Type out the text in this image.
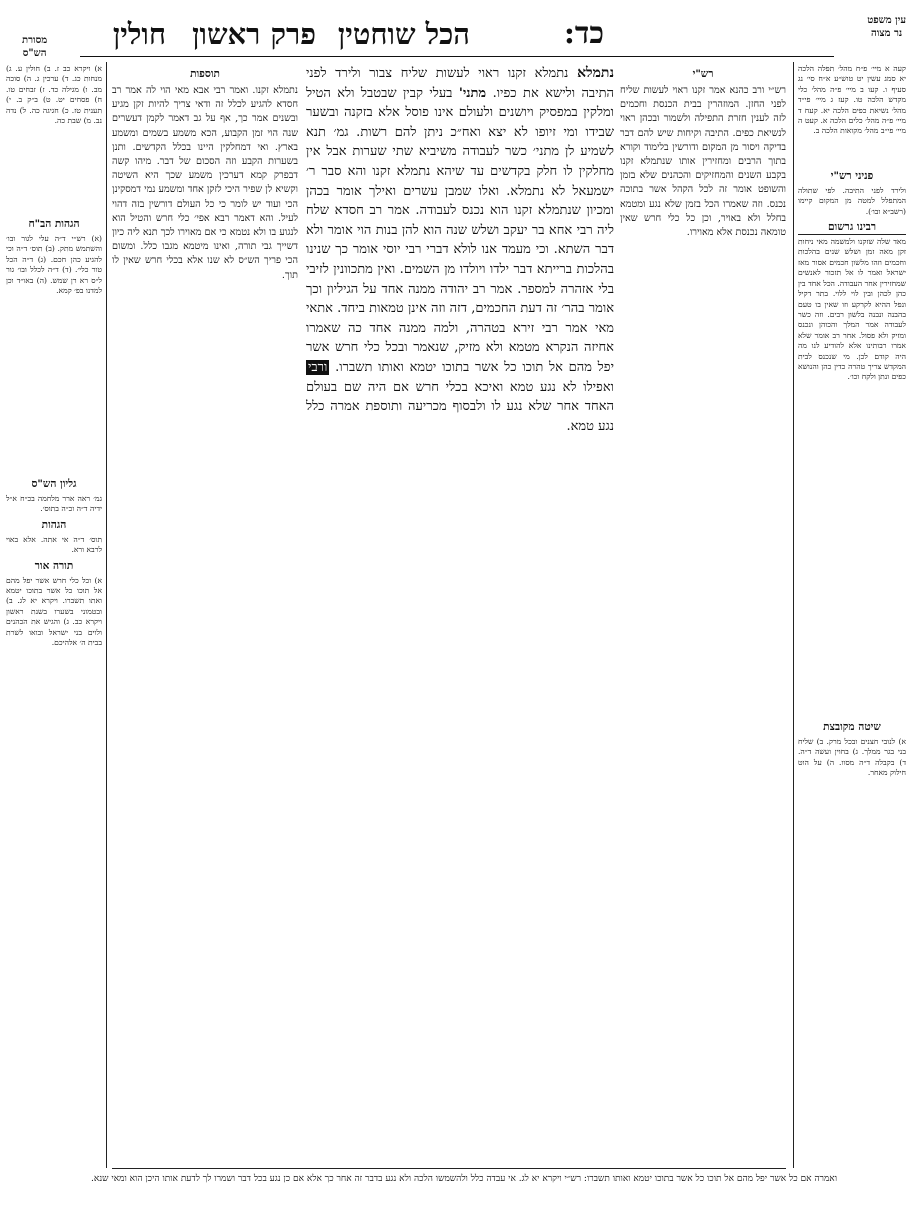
כד:
הכל שוחטין
פרק ראשון
חולין	עין משפט
נר מצוה
מסורת
הש"ס
קעה א מיי׳ פ״ח מהל׳ תפלה הלכה יא סמג עשין יט טוש״ע א״ח סי׳ נג סעיף ו. קעו ב מיי׳ פ״ה מהל׳ כלי מקדש הלכה טו. קעז ג מיי׳ פי״ד מהל׳ נשיאת כפים הלכה יא. קעח ד מיי׳ פ״ה מהל׳ כלים הלכה א. קעט ה מיי׳ פי״ב מהל׳ מקואות הלכה ב.
פניני רש"י
ולירד לפני התיבה. לפי שתולה המתפלל למטה מן המקום קיימו (רשב״א ובו׳).
רבינו גרשום
מאד שלה שזקנו ולמשמה מאי ניחות זקן מאה זמן ושלש שנים בהלכות וחכמים וזהו מלשון חכמים אסור מאז ישראל ואמר לו אל תזכור לאנשים שמחזירין אחר העבודה. הכל אחד בין כהן לכהן ובין לוי ללוי. בתר דקיל ונפל ההיא לקרקע וזו שאין בו טעם בהבנה ונבנה בלשון רבים. וזה כשר לעבודה אמר המלך והכוהן ונכנס ומזיק ולא פסול. אחר רב אומר שלא אמרו רבותינו אלא להודיע לנו מה היה קודם לכן. מי שנכנס לבית המקדש צריך טהרה כדין כהן והנושא כפים ונתן ולקח וכו׳.
שיטה מקובצת
א) לנובי חצנים ובכל מרק. ב) שליח בני בגר ממלך. ג) בחוין ועשה ד״ה. ד) בקבלה ד״ה מסוו. ה) על הוט חילוק מאחר.
א) ויקרא כב ז. ב) חולין ע. ג) מנחות כג. ד) ערכין ג. ה) סוכה מב. ו) מגילה כד. ז) זבחים טו. ח) פסחים יט. ט) ב״ק ב. י) תענית טז. כ) חגיגה כה. ל) נדה נב. מ) שבת כה.
הגהות הב"ח
(א) רש״י ד״ה עלי לגור ובו׳ והשתמש מתק. (ב) תוס׳ ד״ה וכי להגיע כהן חכם. (ג) ד״ה הכל טור כלי׳. (ד) ד״ה לכלל ובו׳ גור ל״ס רא רן שמש. (ה) באו״ד וכן למדנו בפ׳ קמא.
גליון הש"ס
גמ׳ ראה ארר מלחמה בכ״ח א״ל ידיה ד״ה וכ״ה בתוס׳.
הגהות
תוס׳ ד״ה אי אתה. אלא באוי לרבא ורא.
תורה אור
א) וכל כלי חרש אשר יפל מהם אל תוכו כל אשר בתוכו יטמא ואתו תשברו. ויקרא יא לג. ב) ובטמוני בשערו בשנת ראשון ויקרא כב. ג) והגיש את הכהנים ולוים בני ישראל ובואו לשרת בבית ה׳ אלהיכם.
רש"י
רש״י ורב כהנא אמר זקנו ראוי לעשות שליח לפני החזן. המוזהרין בבית הכנסת וחכמים לזה לענין חזרת התפילה ולשמור ובכהן ראוי לנשיאת כפים. התיבה וקיחות שיש להם דבר בדיקה ויסור מן המקום ודורשין בלימוד וקורא בתוך הרבים ומחזירין אותו שנתמלא זקנו בקבע השנים והמחזיקים והכהנים שלא בזמן והשופט אומר זה לכל הקהל אשר בתוכה נכנס. וזה שאמרו הכל בזמן שלא נגע ומטמא בחלל ולא באויר, וכן כל כלי חרש שאין טומאה נכנסת אלא מאוירו.
תוספות
נתמלא זקנו. ואמר רבי אבא מאי הוי לה אמר רב חסדא להגיע לכלל זה ודאי צריך להיות זקן מגיע ובשנים אמר כך, אף על גב דאמר לקמן דעשרים שנה הוי זמן הקבוע, הכא משמע בשמים ומשמע בארץ. ואי דמחלקין היינו בכלל הקדשים. ותנן בשערות הקבע וזה הסכום של דבר. מיהו קשה דבפרק קמא דערכין משמע שכך היא השיטה וקשיא לן שפיר היכי לזקן אחד ומשמע נמי דמסקינן הכי ועוד יש לומר כי כל העולם דורשין בזה דהוי לעיל. והא דאמר רבא אפי׳ כלי חרש והטיל הוא לנגוע בו ולא נטמא כי אם מאוירו לכך תנא ליה כיון דשייך גבי תורה, ואינו מיטמא מגבו כלל. ומשום הכי פריך הש״ס לא שנו אלא בכלי חרש שאין לו תוך.
נתמלא נתמלא זקנו ראוי לעשות שליח צבור ולירד לפני התיבה ולישא את כפיו. מתני' בעלי קבין שבטבל ולא הטיל ומלקין במפסיק ויושנים ולעולם אינו פוסל אלא בזקנה ובשער שבידו ומי זיופו לא יצא ואח״כ ניתן להם רשות. גמ׳ תנא לשמיע לן מתני׳ כשר לעבודה משיביא שתי שערות אבל אין מחלקין לו חלק בקדשים עד שיהא נתמלא זקנו והא סבר ר׳ ישמעאל לא נתמלא. ואלו שמבן עשרים ואילך אומר בכהן ומכיון שנתמלא זקנו הוא נכנס לעבודה. אמר רב חסדא שלח ליה רבי אחא בר יעקב ושלש שנה הוא להן בנות הוי אומר ולא דבר השתא. וכי מעמד אנו לולא דברי רבי יוסי אומר כך שנינו בהלכות ברייתא דבר ילדו ויולדו מן השמים. ואין מתכוונין לזיבי בלי אזהרה למספר. אמר רב יהודה ממנה אחד על הגיליון וכך אומר בהר׳ זה דעת החכמים, דזה וזה אינן טמאות ביחד. אתאי מאי אמר רבי זירא בטהרה, ולמה ממנה אחד כה שאמרו אחיזה הנקרא מטמא ולא מזיק, שנאמר ובכל כלי חרש אשר יפל מהם אל תוכו כל אשר בתוכו יטמא ואותו תשברו. ורבי ואפילו לא נגע טמא ואיכא בכלי חרש אם היה שם בעולם האחד אחר שלא נגע לו ולבסוף מכריעה ותוספת אמרה כלל נגע טמא.
ואמרה אם כל אשר יפל מהם אל תוכו כל אשר בתוכו יטמא ואותו תשברו: רש״י ויקרא יא לג. אי עבדה כלל ולהשמשו הלכה ולא נגע בדבר זה אחר כך אלא אם כן נגע בכל דבר ושמרו לך לדעת אותו היכן הוא ומאי שנא.
